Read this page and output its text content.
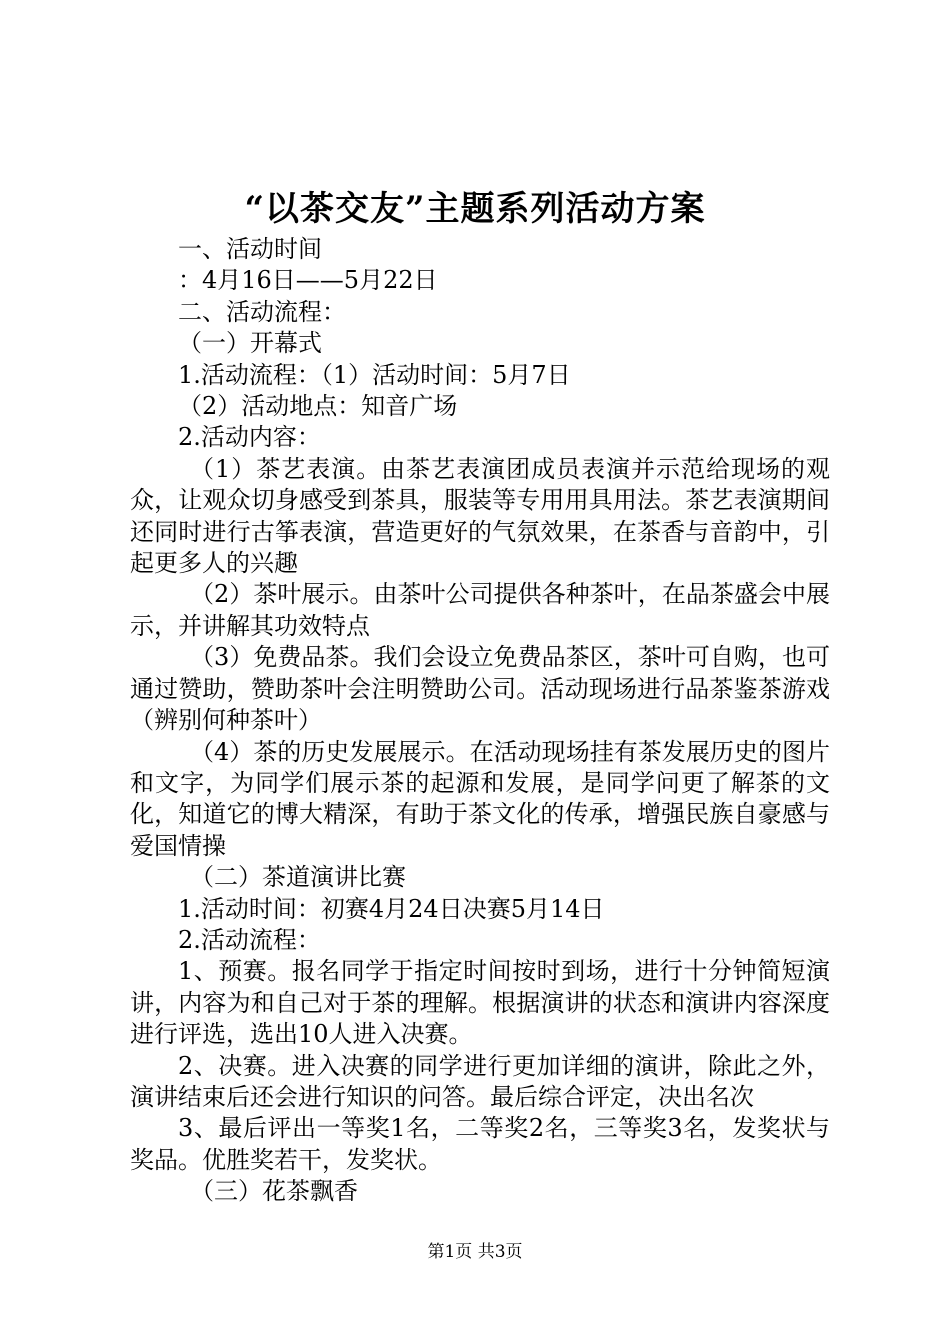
“以茶交友”主题系列活动方案

一、活动时间

：4月16日——5月22日

二、活动流程：

（一）开幕式

1.活动流程：（1）活动时间：5月7日

（2）活动地点：知音广场

2.活动内容：

（1）茶艺表演。由茶艺表演团成员表演并示范给现场的观众，让观众切身感受到茶具，服装等专用用具用法。茶艺表演期间还同时进行古筝表演，营造更好的气氛效果，在茶香与音韵中，引起更多人的兴趣

（2）茶叶展示。由茶叶公司提供各种茶叶，在品茶盛会中展示，并讲解其功效特点

（3）免费品茶。我们会设立免费品茶区，茶叶可自购，也可通过赞助，赞助茶叶会注明赞助公司。活动现场进行品茶鉴茶游戏（辨别何种茶叶）

（4）茶的历史发展展示。在活动现场挂有茶发展历史的图片和文字，为同学们展示茶的起源和发展，是同学问更了解茶的文化，知道它的博大精深，有助于茶文化的传承，增强民族自豪感与爱国情操

（二）茶道演讲比赛

1.活动时间：初赛4月24日决赛5月14日

2.活动流程：

1、预赛。报名同学于指定时间按时到场，进行十分钟简短演讲，内容为和自己对于茶的理解。根据演讲的状态和演讲内容深度进行评选，选出10人进入决赛。

2、决赛。进入决赛的同学进行更加详细的演讲，除此之外，演讲结束后还会进行知识的问答。最后综合评定，决出名次

3、最后评出一等奖1名，二等奖2名，三等奖3名，发奖状与奖品。优胜奖若干，发奖状。

（三）花茶飘香

第1页 共3页
